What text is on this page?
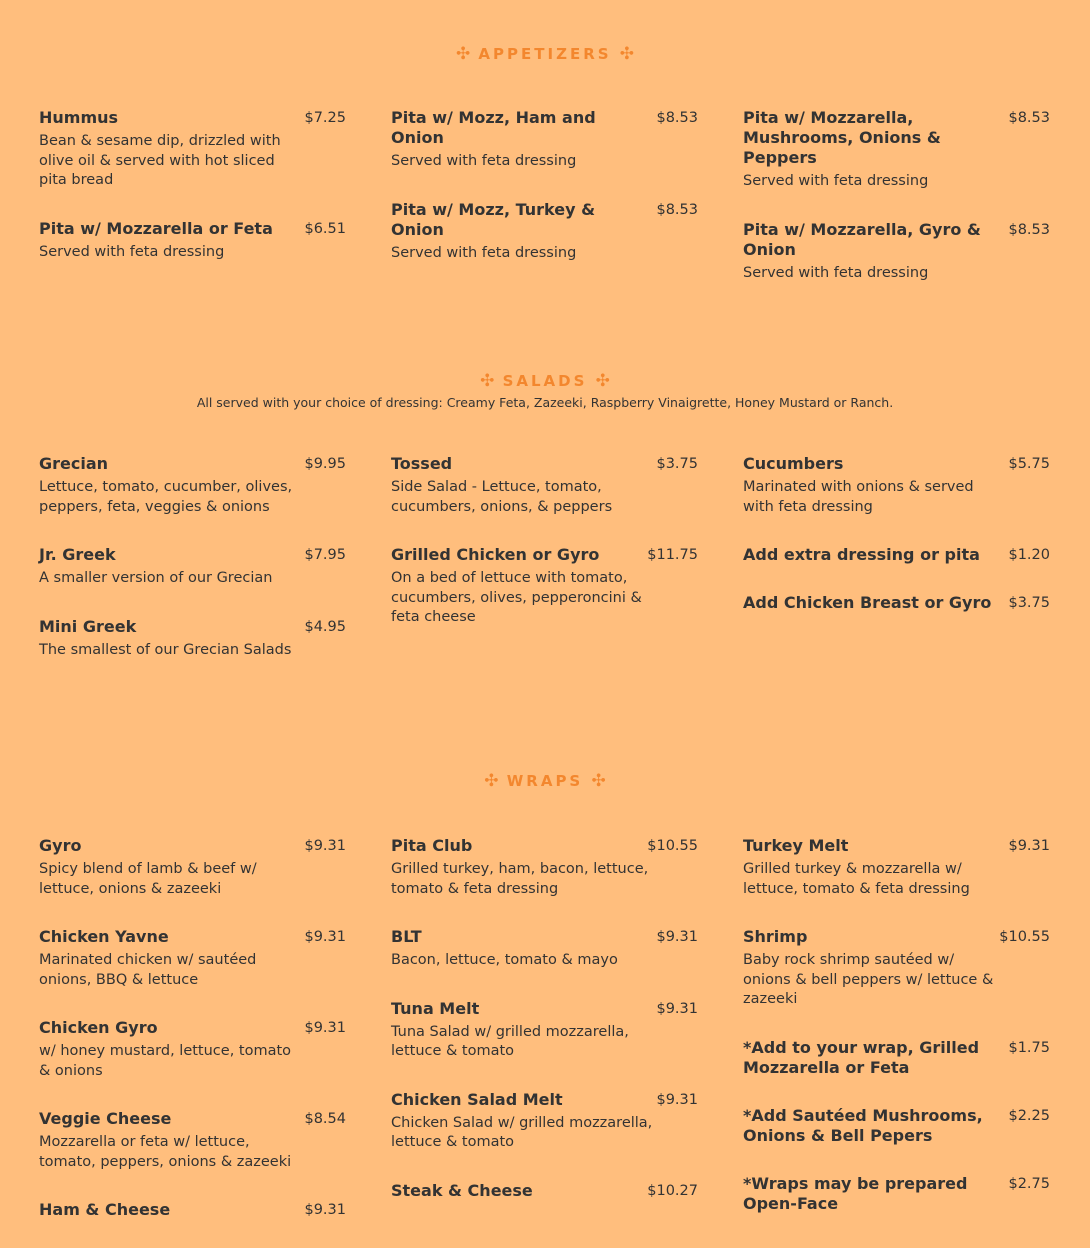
✣ APPETIZERS ✣
Hummus	$7.25
Bean & sesame dip, drizzled with olive oil & served with hot sliced pita bread
Pita w/ Mozzarella or Feta $6.51
Served with feta dressing
Pita w/ Mozz, Ham and Onion
$8.53
Served with feta dressing
Pita w/ Mozz, Turkey & Onion
$8.53
Served with feta dressing
Pita w/ Mozzarella, Mushrooms, Onions & Peppers
$8.53
Served with feta dressing
Pita w/ Mozzarella, Gyro & Onion
$8.53
Served with feta dressing
✣ SALADS ✣
All served with your choice of dressing: Creamy Feta, Zazeeki, Raspberry Vinaigrette, Honey Mustard or Ranch.
Grecian	$9.95
Lettuce, tomato, cucumber, olives, peppers, feta, veggies & onions
Jr. Greek	$7.95
A smaller version of our Grecian
Mini Greek	$4.95
The smallest of our Grecian Salads
Tossed	$3.75
Side Salad - Lettuce, tomato, cucumbers, onions, & peppers
Grilled Chicken or Gyro	$11.75
On a bed of lettuce with tomato, cucumbers, olives, pepperoncini & feta cheese
Cucumbers	$5.75
Marinated with onions & served with feta dressing
Add extra dressing or pita $1.20
Add Chicken Breast or Gyro $3.75
✣ WRAPS ✣
Gyro	$9.31
Spicy blend of lamb & beef w/ lettuce, onions & zazeeki
Chicken Yavne	$9.31
Marinated chicken w/ sautéed onions, BBQ & lettuce
Chicken Gyro	$9.31
w/ honey mustard, lettuce, tomato & onions
Veggie Cheese	$8.54
Mozzarella or feta w/ lettuce, tomato, peppers, onions & zazeeki
Ham & Cheese	$9.31
Pita Club	$10.55
Grilled turkey, ham, bacon, lettuce, tomato & feta dressing
BLT	$9.31
Bacon, lettuce, tomato & mayo
Tuna Melt	$9.31
Tuna Salad w/ grilled mozzarella, lettuce & tomato
Chicken Salad Melt	$9.31
Chicken Salad w/ grilled mozzarella, lettuce & tomato
Steak & Cheese	$10.27
Turkey Melt	$9.31
Grilled turkey & mozzarella w/ lettuce, tomato & feta dressing
Shrimp	$10.55
Baby rock shrimp sautéed w/ onions & bell peppers w/ lettuce & zazeeki
*Add to your wrap, Grilled Mozzarella or Feta
$1.75
*Add Sautéed Mushrooms, Onions & Bell Pepers
$2.25
*Wraps may be prepared Open-Face
$2.75
